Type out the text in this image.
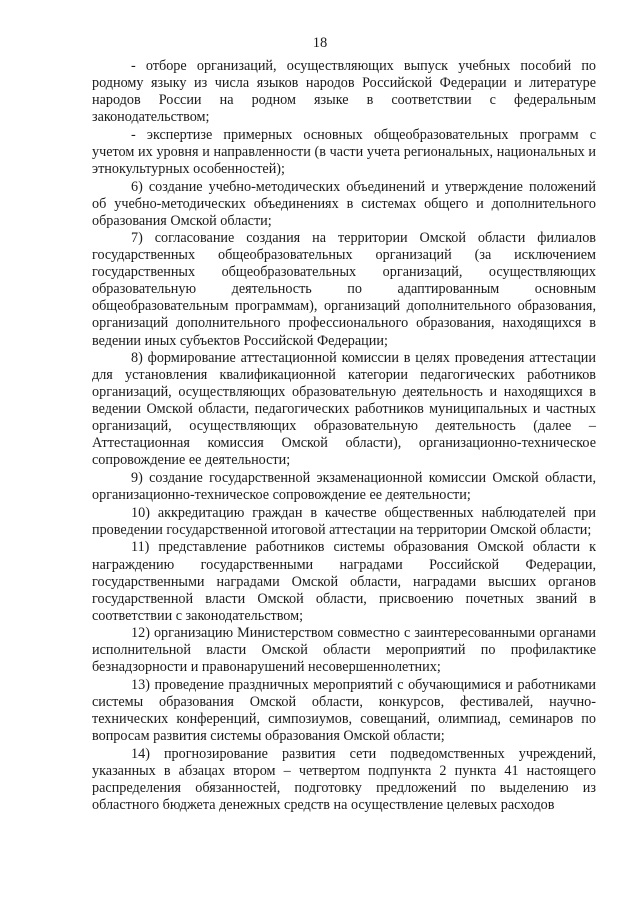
18

- отборе организаций, осуществляющих выпуск учебных пособий по родному языку из числа языков народов Российской Федерации и литературе народов России на родном языке в соответствии с федеральным законодательством;

- экспертизе примерных основных общеобразовательных программ с учетом их уровня и направленности (в части учета региональных, национальных и этнокультурных особенностей);

6) создание учебно-методических объединений и утверждение положений об учебно-методических объединениях в системах общего и дополнительного образования Омской области;

7) согласование создания на территории Омской области филиалов государственных общеобразовательных организаций (за исключением государственных общеобразовательных организаций, осуществляющих образовательную деятельность по адаптированным основным общеобразовательным программам), организаций дополнительного образования, организаций дополнительного профессионального образования, находящихся в ведении иных субъектов Российской Федерации;

8) формирование аттестационной комиссии в целях проведения аттестации для установления квалификационной категории педагогических работников организаций, осуществляющих образовательную деятельность и находящихся в ведении Омской области, педагогических работников муниципальных и частных организаций, осуществляющих образовательную деятельность (далее – Аттестационная комиссия Омской области), организационно-техническое сопровождение ее деятельности;

9) создание государственной экзаменационной комиссии Омской области, организационно-техническое сопровождение ее деятельности;

10) аккредитацию граждан в качестве общественных наблюдателей при проведении государственной итоговой аттестации на территории Омской области;

11) представление работников системы образования Омской области к награждению государственными наградами Российской Федерации, государственными наградами Омской области, наградами высших органов государственной власти Омской области, присвоению почетных званий в соответствии с законодательством;

12) организацию Министерством совместно с заинтересованными органами исполнительной власти Омской области мероприятий по профилактике безнадзорности и правонарушений несовершеннолетних;

13) проведение праздничных мероприятий с обучающимися и работниками системы образования Омской области, конкурсов, фестивалей, научно-технических конференций, симпозиумов, совещаний, олимпиад, семинаров по вопросам развития системы образования Омской области;

14) прогнозирование развития сети подведомственных учреждений, указанных в абзацах втором – четвертом подпункта 2 пункта 41 настоящего распределения обязанностей, подготовку предложений по выделению из областного бюджета денежных средств на осуществление целевых расходов
